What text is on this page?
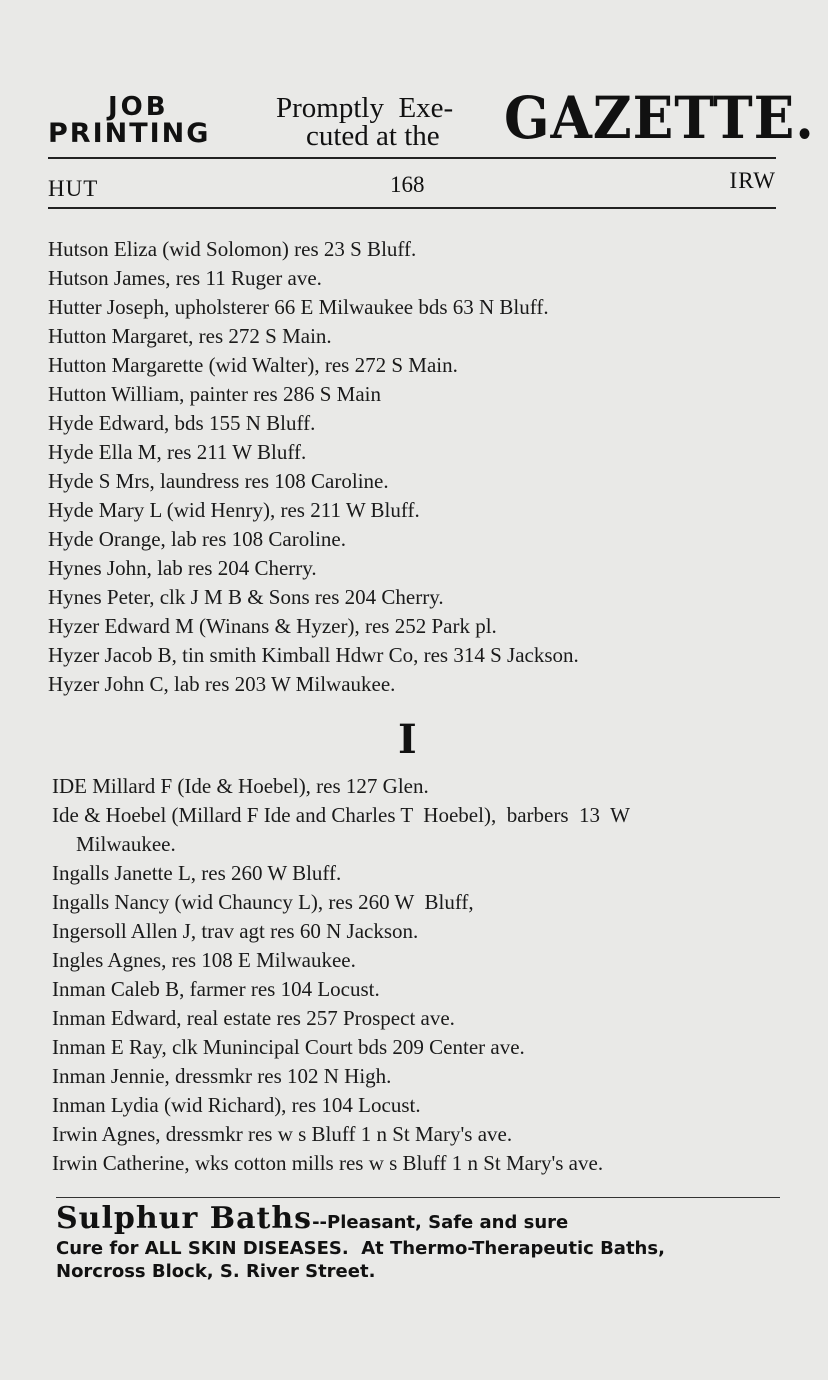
JOB
PRINTING
Promptly  Exe-
cuted at the GAZETTE.
HUT	168	IRW
Hutson Eliza (wid Solomon) res 23 S Bluff.
Hutson James, res 11 Ruger ave.
Hutter Joseph, upholsterer 66 E Milwaukee bds 63 N Bluff.
Hutton Margaret, res 272 S Main.
Hutton Margarette (wid Walter), res 272 S Main.
Hutton William, painter res 286 S Main
Hyde Edward, bds 155 N Bluff.
Hyde Ella M, res 211 W Bluff.
Hyde S Mrs, laundress res 108 Caroline.
Hyde Mary L (wid Henry), res 211 W Bluff.
Hyde Orange, lab res 108 Caroline.
Hynes John, lab res 204 Cherry.
Hynes Peter, clk J M B & Sons res 204 Cherry.
Hyzer Edward M (Winans & Hyzer), res 252 Park pl.
Hyzer Jacob B, tin smith Kimball Hdwr Co, res 314 S Jackson.
Hyzer John C, lab res 203 W Milwaukee.
I
IDE Millard F (Ide & Hoebel), res 127 Glen.
Ide & Hoebel (Millard F Ide and Charles T  Hoebel),  barbers  13  W
Milwaukee.
Ingalls Janette L, res 260 W Bluff.
Ingalls Nancy (wid Chauncy L), res 260 W  Bluff,
Ingersoll Allen J, trav agt res 60 N Jackson.
Ingles Agnes, res 108 E Milwaukee.
Inman Caleb B, farmer res 104 Locust.
Inman Edward, real estate res 257 Prospect ave.
Inman E Ray, clk Munincipal Court bds 209 Center ave.
Inman Jennie, dressmkr res 102 N High.
Inman Lydia (wid Richard), res 104 Locust.
Irwin Agnes, dressmkr res w s Bluff 1 n St Mary's ave.
Irwin Catherine, wks cotton mills res w s Bluff 1 n St Mary's ave.
Sulphur Baths--Pleasant, Safe and sure
Cure for ALL SKIN DISEASES.  At Thermo-Therapeutic Baths,
Norcross Block, S. River Street.
